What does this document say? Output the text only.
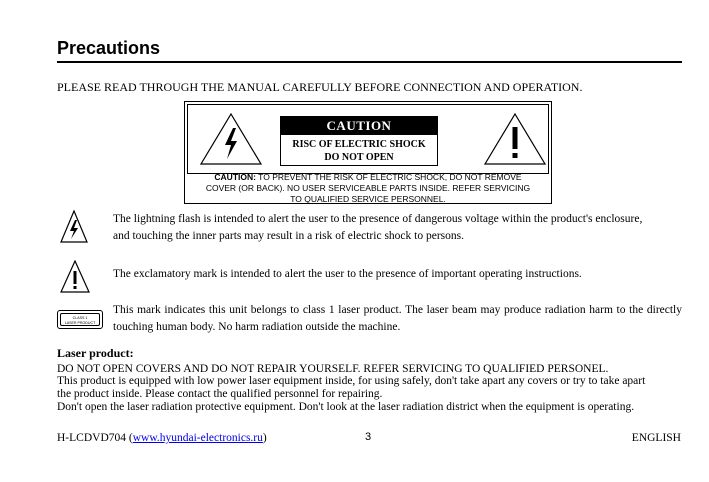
Precautions
PLEASE READ THROUGH THE MANUAL CAREFULLY BEFORE CONNECTION AND OPERATION.
CAUTION
RISC OF ELECTRIC SHOCK
DO NOT OPEN
CAUTION: TO PREVENT THE RISK OF ELECTRIC SHOCK, DO NOT REMOVE
COVER (OR BACK). NO USER SERVICEABLE PARTS INSIDE. REFER SERVICING
TO QUALIFIED SERVICE PERSONNEL.
The lightning flash is intended to alert the user to the presence of dangerous voltage within the product's enclosure,
and touching the inner parts may result in a risk of electric shock to persons.
The exclamatory mark is intended to alert the user to the presence of important operating instructions.
CLASS 1
LASER PRODUCT
This mark indicates this unit belongs to class 1 laser product. The laser beam may produce radiation harm to the directly touching human body. No harm radiation outside the machine.
Laser product:
DO NOT OPEN COVERS AND DO NOT REPAIR YOURSELF. REFER SERVICING TO QUALIFIED PERSONEL.
This product is equipped with low power laser equipment inside, for using safely, don't take apart any covers or try to take apart
the product inside. Please contact the qualified personnel for repairing.
Don't open the laser radiation protective equipment. Don't look at the laser radiation district when the equipment is operating.
H-LCDVD704 (www.hyundai-electronics.ru)	3	ENGLISH
